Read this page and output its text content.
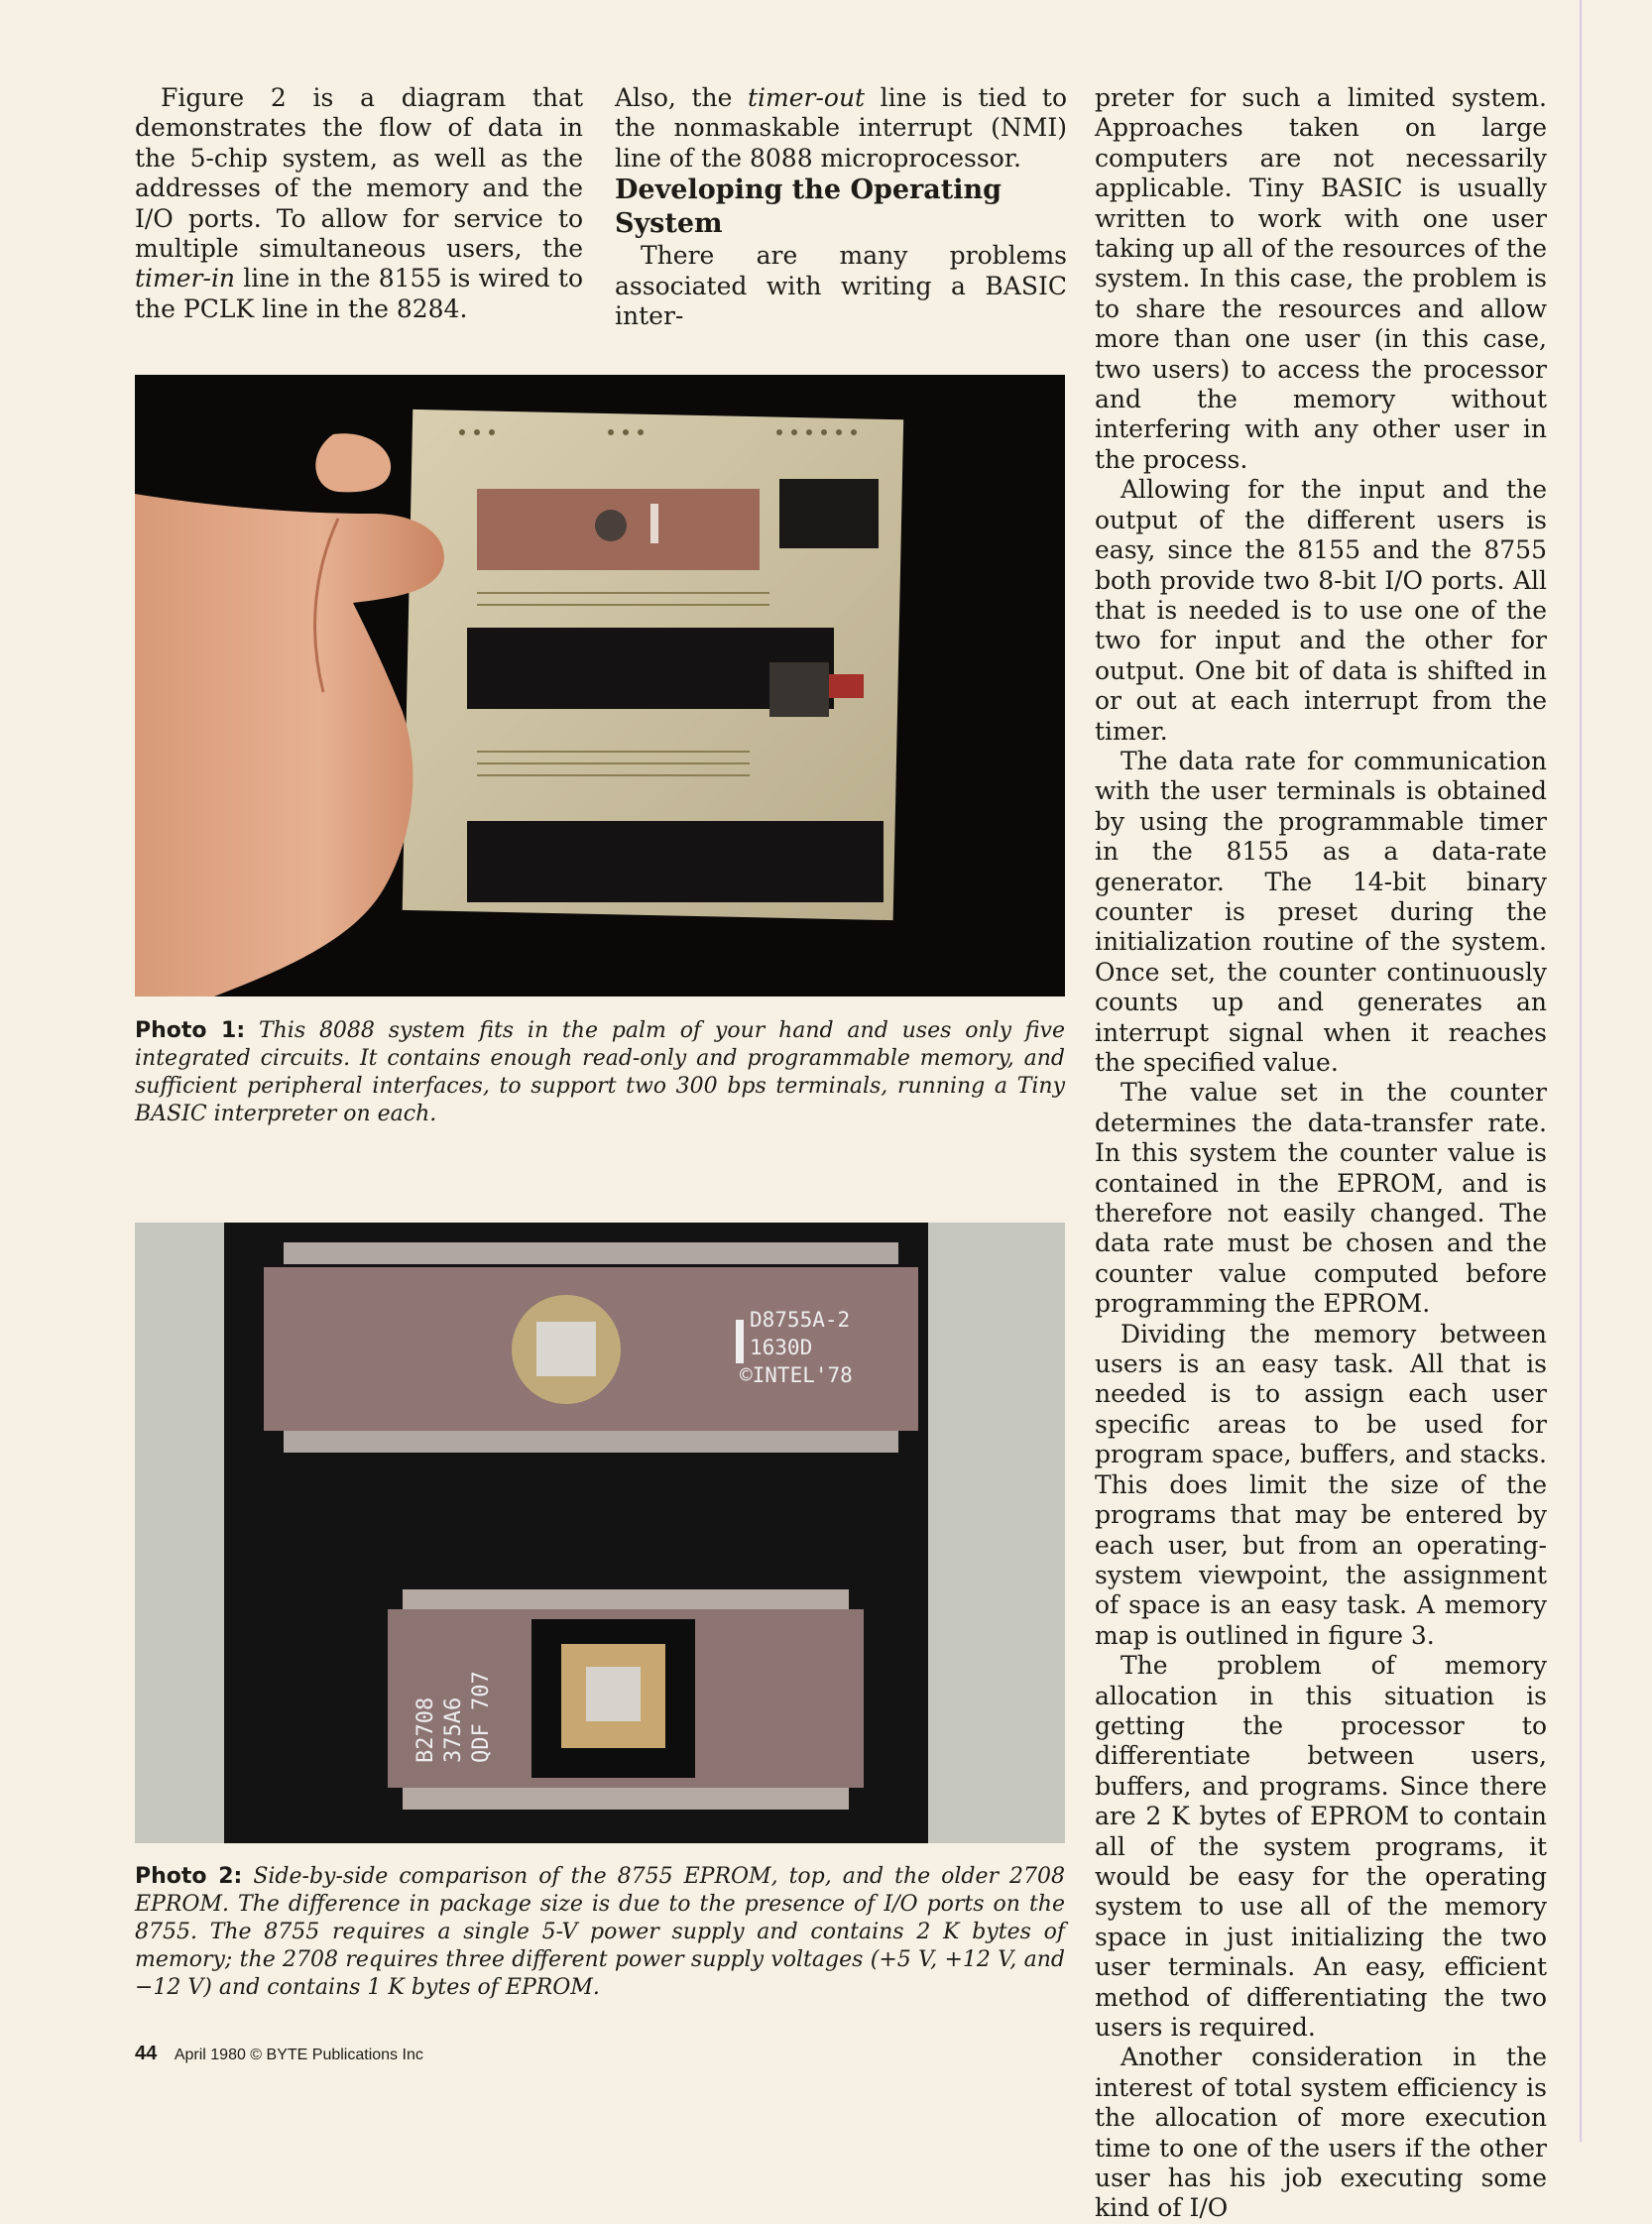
Figure 2 is a diagram that demonstrates the flow of data in the 5-chip system, as well as the addresses of the memory and the I/O ports. To allow for service to multiple simultaneous users, the timer-in line in the 8155 is wired to the PCLK line in the 8284.

Also, the timer-out line is tied to the nonmaskable interrupt (NMI) line of the 8088 microprocessor.

Developing the Operating System

There are many problems associated with writing a BASIC inter-

preter for such a limited system. Approaches taken on large computers are not necessarily applicable. Tiny BASIC is usually written to work with one user taking up all of the resources of the system. In this case, the problem is to share the resources and allow more than one user (in this case, two users) to access the processor and the memory without interfering with any other user in the process.

Allowing for the input and the output of the different users is easy, since the 8155 and the 8755 both provide two 8-bit I/O ports. All that is needed is to use one of the two for input and the other for output. One bit of data is shifted in or out at each interrupt from the timer.

The data rate for communication with the user terminals is obtained by using the programmable timer in the 8155 as a data-rate generator. The 14-bit binary counter is preset during the initialization routine of the system. Once set, the counter continuously counts up and generates an interrupt signal when it reaches the specified value.

The value set in the counter determines the data-transfer rate. In this system the counter value is contained in the EPROM, and is therefore not easily changed. The data rate must be chosen and the counter value computed before programming the EPROM.

Dividing the memory between users is an easy task. All that is needed is to assign each user specific areas to be used for program space, buffers, and stacks. This does limit the size of the programs that may be entered by each user, but from an operating-system viewpoint, the assignment of space is an easy task. A memory map is outlined in figure 3.

The problem of memory allocation in this situation is getting the processor to differentiate between users, buffers, and programs. Since there are 2 K bytes of EPROM to contain all of the system programs, it would be easy for the operating system to use all of the memory space in just initializing the two user terminals. An easy, efficient method of differentiating the two users is required.

Another consideration in the interest of total system efficiency is the allocation of more execution time to one of the users if the other user has his job executing some kind of I/O

Photo 1: This 8088 system fits in the palm of your hand and uses only five integrated circuits. It contains enough read-only and programmable memory, and sufficient peripheral interfaces, to support two 300 bps terminals, running a Tiny BASIC interpreter on each.
D8755A-2
1630D
©INTEL'78
B2708 375A6 QDF 707
Photo 2: Side-by-side comparison of the 8755 EPROM, top, and the older 2708 EPROM. The difference in package size is due to the presence of I/O ports on the 8755. The 8755 requires a single 5-V power supply and contains 2 K bytes of memory; the 2708 requires three different power supply voltages (+5 V, +12 V, and −12 V) and contains 1 K bytes of EPROM.
44 April 1980 © BYTE Publications Inc
